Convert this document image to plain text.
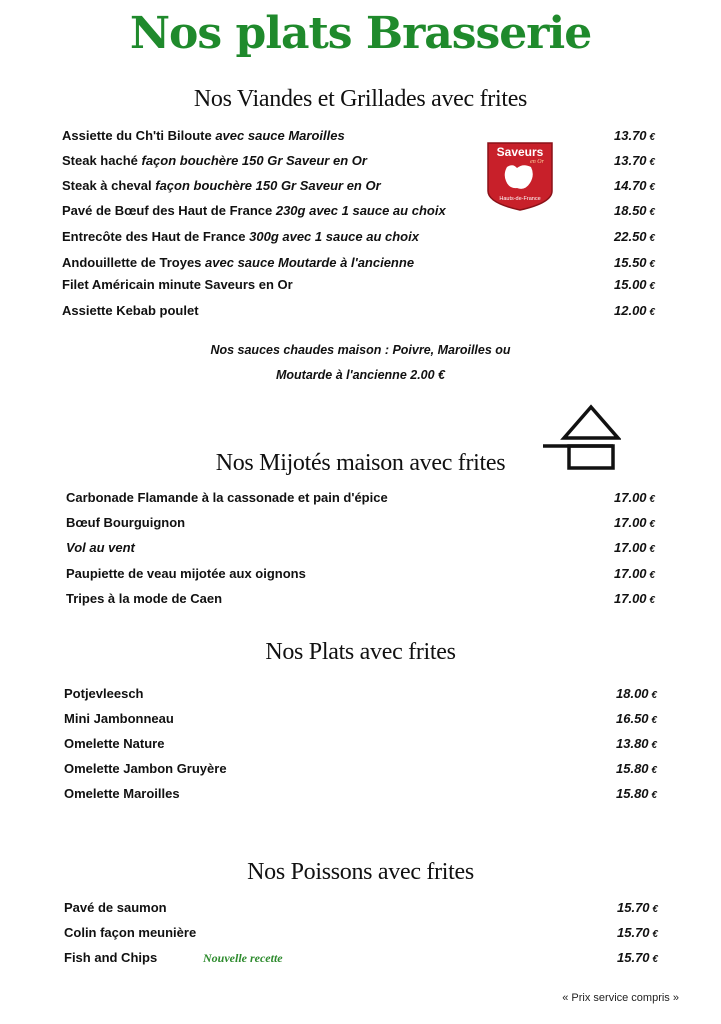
Nos plats Brasserie
Nos Viandes et Grillades avec frites
Assiette du Ch'ti Biloute avec sauce Maroilles	13.70 €
Steak haché façon bouchère 150 Gr Saveur en Or	13.70 €
Steak à cheval façon bouchère 150 Gr Saveur en Or	14.70 €
Pavé de Bœuf des Haut de France 230g avec 1 sauce au choix	18.50 €
Entrecôte des Haut de France 300g avec 1 sauce au choix	22.50 €
Andouillette de Troyes avec sauce Moutarde à l'ancienne	15.50 €
Filet Américain minute Saveurs en Or	15.00 €
Assiette Kebab poulet	12.00 €
Nos sauces chaudes maison : Poivre, Maroilles ou
Moutarde à l'ancienne 2.00 €
Saveurs
en Or
Hauts-de-France
Nos Mijotés maison avec frites
Carbonade Flamande à la cassonade et pain d'épice	17.00 €
Bœuf Bourguignon	17.00 €
Vol au vent	17.00 €
Paupiette de veau mijotée aux oignons	17.00 €
Tripes à la mode de Caen	17.00 €
Nos Plats avec frites
Potjevleesch	18.00 €
Mini Jambonneau	16.50 €
Omelette Nature	13.80 €
Omelette Jambon Gruyère	15.80 €
Omelette Maroilles	15.80 €
Nos Poissons avec frites
Pavé de saumon	15.70 €
Colin façon meunière	15.70 €
Fish and Chips	Nouvelle recette	15.70 €
« Prix service compris »
